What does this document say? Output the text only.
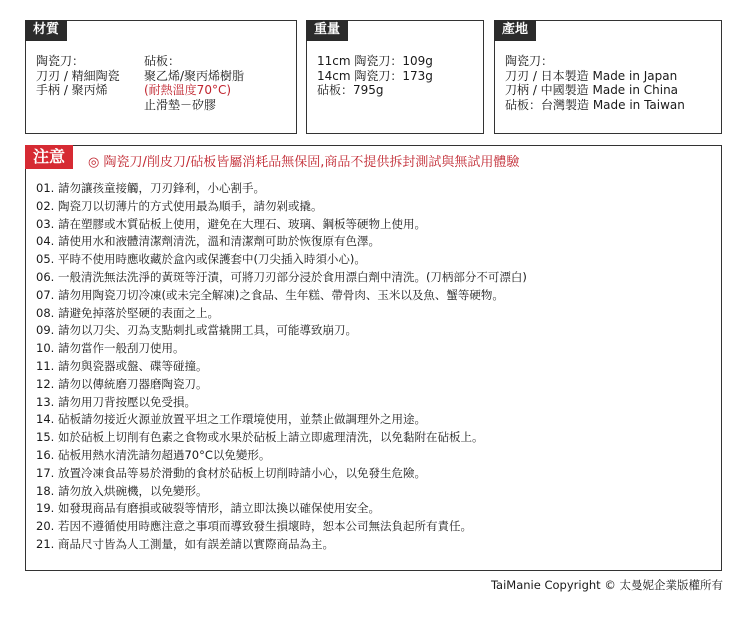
材質
陶瓷刀：
刀刃 / 精細陶瓷
手柄 / 聚丙烯
砧板：
聚乙烯/聚丙烯樹脂
(耐熱溫度70°C)
止滑墊－矽膠
重量
11cm 陶瓷刀：109g
14cm 陶瓷刀：173g
砧板：795g
產地
陶瓷刀：
刀刃 / 日本製造 Made in Japan
刀柄 / 中國製造 Made in China
砧板：台灣製造 Made in Taiwan
注意	◎ 陶瓷刀/削皮刀/砧板皆屬消耗品無保固,商品不提供拆封測試與無試用體驗
01. 請勿讓孩童接觸，刀刃鋒利，小心割手。
02. 陶瓷刀以切薄片的方式使用最為順手，請勿剁或撬。
03. 請在塑膠或木質砧板上使用，避免在大理石、玻璃、鋼板等硬物上使用。
04. 請使用水和液體清潔劑清洗，溫和清潔劑可助於恢復原有色澤。
05. 平時不使用時應收藏於盒內或保護套中(刀尖插入時須小心)。
06. 一般清洗無法洗淨的黃斑等汙漬，可將刀刃部分浸於食用漂白劑中清洗。(刀柄部分不可漂白)
07. 請勿用陶瓷刀切冷凍(或未完全解凍)之食品、生年糕、帶骨肉、玉米以及魚、蟹等硬物。
08. 請避免掉落於堅硬的表面之上。
09. 請勿以刀尖、刃為支點刺扎或當撬開工具，可能導致崩刀。
10. 請勿當作一般刮刀使用。
11. 請勿與瓷器或盤、碟等碰撞。
12. 請勿以傳統磨刀器磨陶瓷刀。
13. 請勿用刀背按壓以免受損。
14. 砧板請勿接近火源並放置平坦之工作環境使用，並禁止做調理外之用途。
15. 如於砧板上切削有色素之食物或水果於砧板上請立即處理清洗，以免黏附在砧板上。
16. 砧板用熱水清洗請勿超過70°C以免變形。
17. 放置冷凍食品等易於滑動的食材於砧板上切削時請小心，以免發生危險。
18. 請勿放入烘碗機，以免變形。
19. 如發現商品有磨損或破裂等情形，請立即汰換以確保使用安全。
20. 若因不遵循使用時應注意之事項而導致發生損壞時，恕本公司無法負起所有責任。
21. 商品尺寸皆為人工測量，如有誤差請以實際商品為主。
TaiManie Copyright © 太曼妮企業版權所有
